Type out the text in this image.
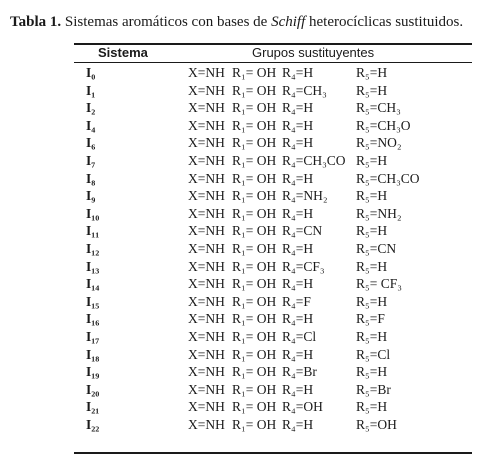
Tabla 1. Sistemas aromáticos con bases de Schiff heterocíclicas sustituidos.
Sistema	Grupos sustituyentes
I₀	X=NH R₁= OH R₄=H	R₅=H
I₁	X=NH R₁= OH R₄=CH₃ R₅=H
I₂	X=NH R₁= OH R₄=H	R₅=CH₃
I₄	X=NH R₁= OH R₄=H	R₅=CH₃O
I₆	X=NH R₁= OH R₄=H	R₅=NO₂
I₇	X=NH R₁= OH R₄=CH₃CO R₅=H
I₈	X=NH R₁= OH R₄=H	R₅=CH₃CO
I₉	X=NH R₁= OH R₄=NH₂ R₅=H
I₁₀	X=NH R₁= OH R₄=H	R₅=NH₂
I₁₁	X=NH R₁= OH R₄=CN	R₅=H
I₁₂	X=NH R₁= OH R₄=H	R₅=CN
I₁₃	X=NH R₁= OH R₄=CF₃ R₅=H
I₁₄	X=NH R₁= OH R₄=H	R₅= CF₃
I₁₅	X=NH R₁= OH R₄=F	R₅=H
I₁₆	X=NH R₁= OH R₄=H	R₅=F
I₁₇	X=NH R₁= OH R₄=Cl	R₅=H
I₁₈	X=NH R₁= OH R₄=H	R₅=Cl
I₁₉	X=NH R₁= OH R₄=Br	R₅=H
I₂₀	X=NH R₁= OH R₄=H	R₅=Br
I₂₁	X=NH R₁= OH R₄=OH R₅=H
I₂₂	X=NH R₁= OH R₄=H	R₅=OH
